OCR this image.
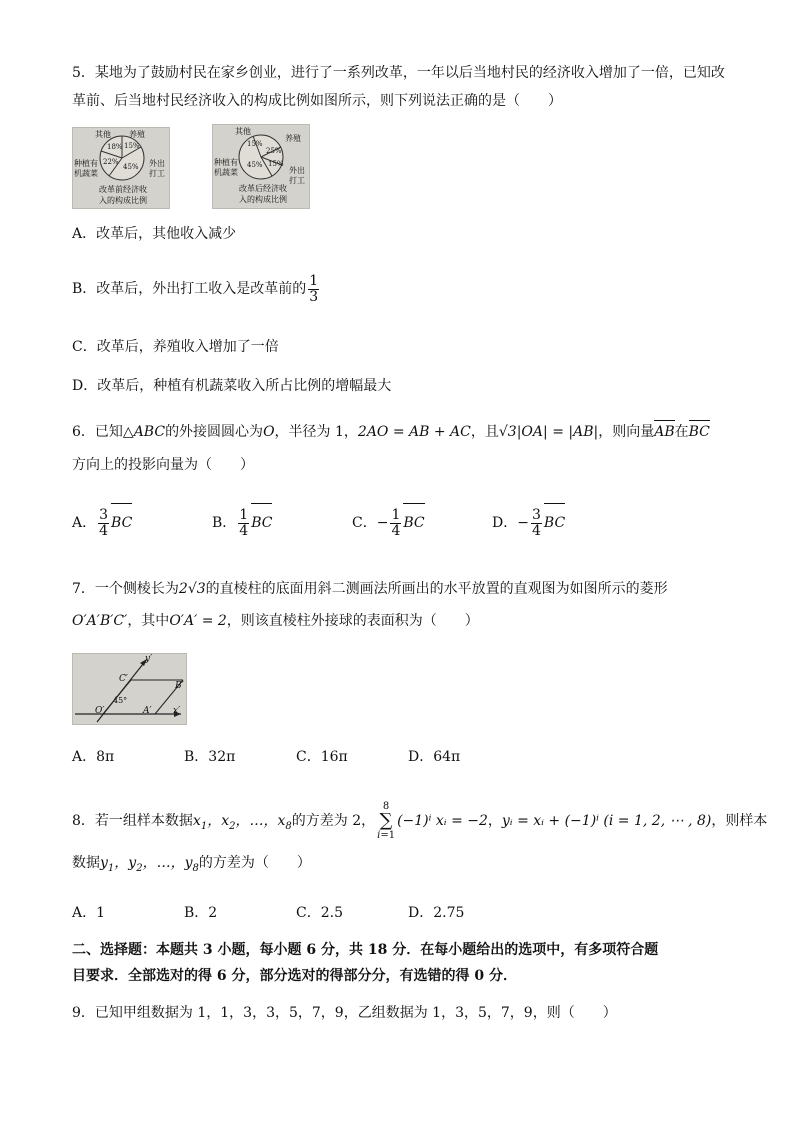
5．某地为了鼓励村民在家乡创业，进行了一系列改革，一年以后当地村民的经济收入增加了一倍，已知改
革前、后当地村民经济收入的构成比例如图所示，则下列说法正确的是（　　）
其他 养殖
18% 15%
22%
45%
种植有
机蔬菜
外出
打工
改革前经济收
入的构成比例
其他
养殖
15%
25%
15%
45%
种植有
机蔬菜	外出
打工
改革后经济收
入的构成比例
A．改革后，其他收入减少
B．改革后，外出打工收入是改革前的 $\frac{1}{3}$
C．改革后，养殖收入增加了一倍
D．改革后，种植有机蔬菜收入所占比例的增幅最大
6．已知△ABC的外接圆圆心为O，半径为 1，2AO = AB + AC，且√3|OA| = |AB|，则向量AB在BC
方向上的投影向量为（　　）
A． $\frac{3}{4}$ BC	B． $\frac{1}{4}$ BC	C．− $\frac{1}{4}$ BC	D．− $\frac{3}{4}$ BC
7．一个侧棱长为2√3的直棱柱的底面用斜二测画法所画出的水平放置的直观图为如图所示的菱形
O′A′B′C′，其中O′A′ = 2，则该直棱柱外接球的表面积为（　　）
y′
C′
B′
45°
O′	A′ x′
A．8π	B．32π	C．16π	D．64π
8．若一组样本数据$x_1$，$x_2$，…，$x_8$的方差为 2，8
∑
i=1(−1)ⁱ xᵢ = −2，yᵢ = xᵢ + (−1)ⁱ (i = 1, 2, ⋯ , 8)，则样本
数据$y_1$，$y_2$，…，$y_8$的方差为（　　）
A．1	B．2	C．2.5	D．2.75
二、选择题：本题共 3 小题，每小题 6 分，共 18 分．在每小题给出的选项中，有多项符合题
目要求．全部选对的得 6 分，部分选对的得部分分，有选错的得 0 分．
9．已知甲组数据为 1，1，3，3，5，7，9，乙组数据为 1，3，5，7，9，则（　　）
